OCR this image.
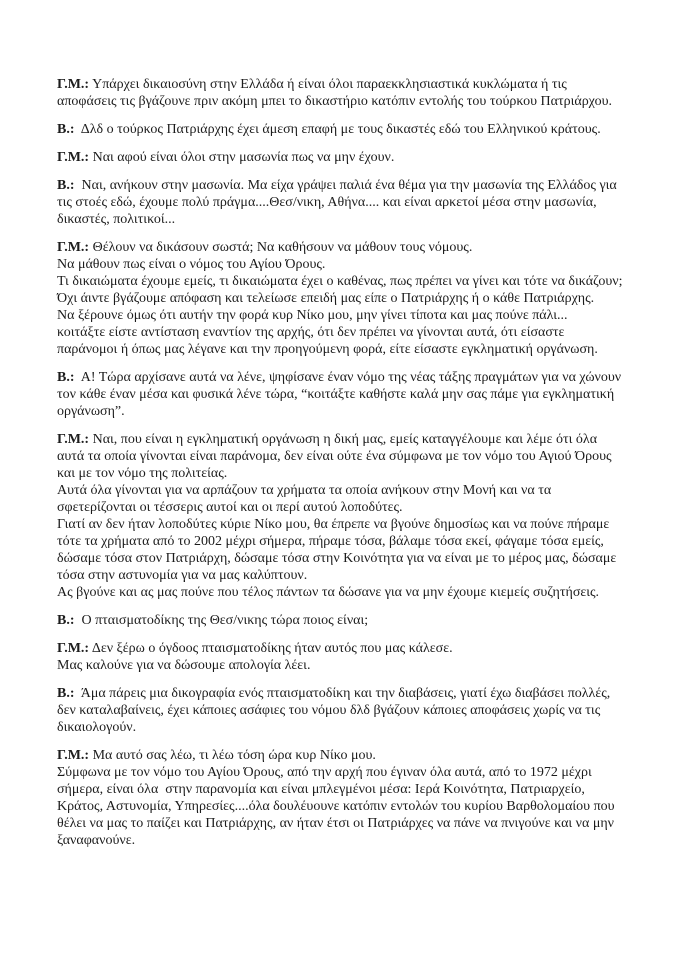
Γ.Μ.: Υπάρχει δικαιοσύνη στην Ελλάδα ή είναι όλοι παραεκκλησιαστικά κυκλώματα ή τις αποφάσεις τις βγάζουνε πριν ακόμη μπει το δικαστήριο κατόπιν εντολής του τούρκου Πατριάρχου.

Β.:  Δλδ ο τούρκος Πατριάρχης έχει άμεση επαφή με τους δικαστές εδώ του Ελληνικού κράτους.

Γ.Μ.: Ναι αφού είναι όλοι στην μασωνία πως να μην έχουν.

Β.:  Ναι, ανήκουν στην μασωνία. Μα είχα γράψει παλιά ένα θέμα για την μασωνία της Ελλάδος για τις στοές εδώ, έχουμε πολύ πράγμα....Θεσ/νικη, Αθήνα.... και είναι αρκετοί μέσα στην μασωνία, δικαστές, πολιτικοί...

Γ.Μ.: Θέλουν να δικάσουν σωστά; Να καθήσουν να μάθουν τους νόμους.
Να μάθουν πως είναι ο νόμος του Αγίου Όρους.
Τι δικαιώματα έχουμε εμείς, τι δικαιώματα έχει ο καθένας, πως πρέπει να γίνει και τότε να δικάζουν;
Όχι άιντε βγάζουμε απόφαση και τελείωσε επειδή μας είπε ο Πατριάρχης ή ο κάθε Πατριάρχης.
Να ξέρουνε όμως ότι αυτήν την φορά κυρ Νίκο μου, μην γίνει τίποτα και μας πούνε πάλι...
κοιτάξτε είστε αντίσταση εναντίον της αρχής, ότι δεν πρέπει να γίνονται αυτά, ότι είσαστε παράνομοι ή όπως μας λέγανε και την προηγούμενη φορά, είτε είσαστε εγκληματική οργάνωση.

Β.:  Α! Τώρα αρχίσανε αυτά να λένε, ψηφίσανε έναν νόμο της νέας τάξης πραγμάτων για να χώνουν τον κάθε έναν μέσα και φυσικά λένε τώρα, “κοιτάξτε καθήστε καλά μην σας πάμε για εγκληματική οργάνωση”.

Γ.Μ.: Ναι, που είναι η εγκληματική οργάνωση η δική μας, εμείς καταγγέλουμε και λέμε ότι όλα αυτά τα οποία γίνονται είναι παράνομα, δεν είναι ούτε ένα σύμφωνα με τον νόμο του Αγιού Όρους και με τον νόμο της πολιτείας.
Αυτά όλα γίνονται για να αρπάζουν τα χρήματα τα οποία ανήκουν στην Μονή και να τα σφετερίζονται οι τέσσερις αυτοί και οι περί αυτού λοποδύτες.
Γιατί αν δεν ήταν λοποδύτες κύριε Νίκο μου, θα έπρεπε να βγούνε δημοσίως και να πούνε πήραμε τότε τα χρήματα από το 2002 μέχρι σήμερα, πήραμε τόσα, βάλαμε τόσα εκεί, φάγαμε τόσα εμείς, δώσαμε τόσα στον Πατριάρχη, δώσαμε τόσα στην Κοινότητα για να είναι με το μέρος μας, δώσαμε τόσα στην αστυνομία για να μας καλύπτουν.
Ας βγούνε και ας μας πούνε που τέλος πάντων τα δώσανε για να μην έχουμε κιεμείς συζητήσεις.

Β.:  Ο πταισματοδίκης της Θεσ/νικης τώρα ποιος είναι;

Γ.Μ.: Δεν ξέρω ο όγδοος πταισματοδίκης ήταν αυτός που μας κάλεσε.
Μας καλούνε για να δώσουμε απολογία λέει.

Β.:  Άμα πάρεις μια δικογραφία ενός πταισματοδίκη και την διαβάσεις, γιατί έχω διαβάσει πολλές, δεν καταλαβαίνεις, έχει κάποιες ασάφιες του νόμου δλδ βγάζουν κάποιες αποφάσεις χωρίς να τις δικαιολογούν.

Γ.Μ.: Μα αυτό σας λέω, τι λέω τόση ώρα κυρ Νίκο μου.
Σύμφωνα με τον νόμο του Αγίου Όρους, από την αρχή που έγιναν όλα αυτά, από το 1972 μέχρι σήμερα, είναι όλα  στην παρανομία και είναι μπλεγμένοι μέσα: Ιερά Κοινότητα, Πατριαρχείο, Κράτος, Αστυνομία, Υπηρεσίες....όλα δουλέυουνε κατόπιν εντολών του κυρίου Βαρθολομαίου που θέλει να μας το παίζει και Πατριάρχης, αν ήταν έτσι οι Πατριάρχες να πάνε να πνιγούνε και να μην ξαναφανούνε.
